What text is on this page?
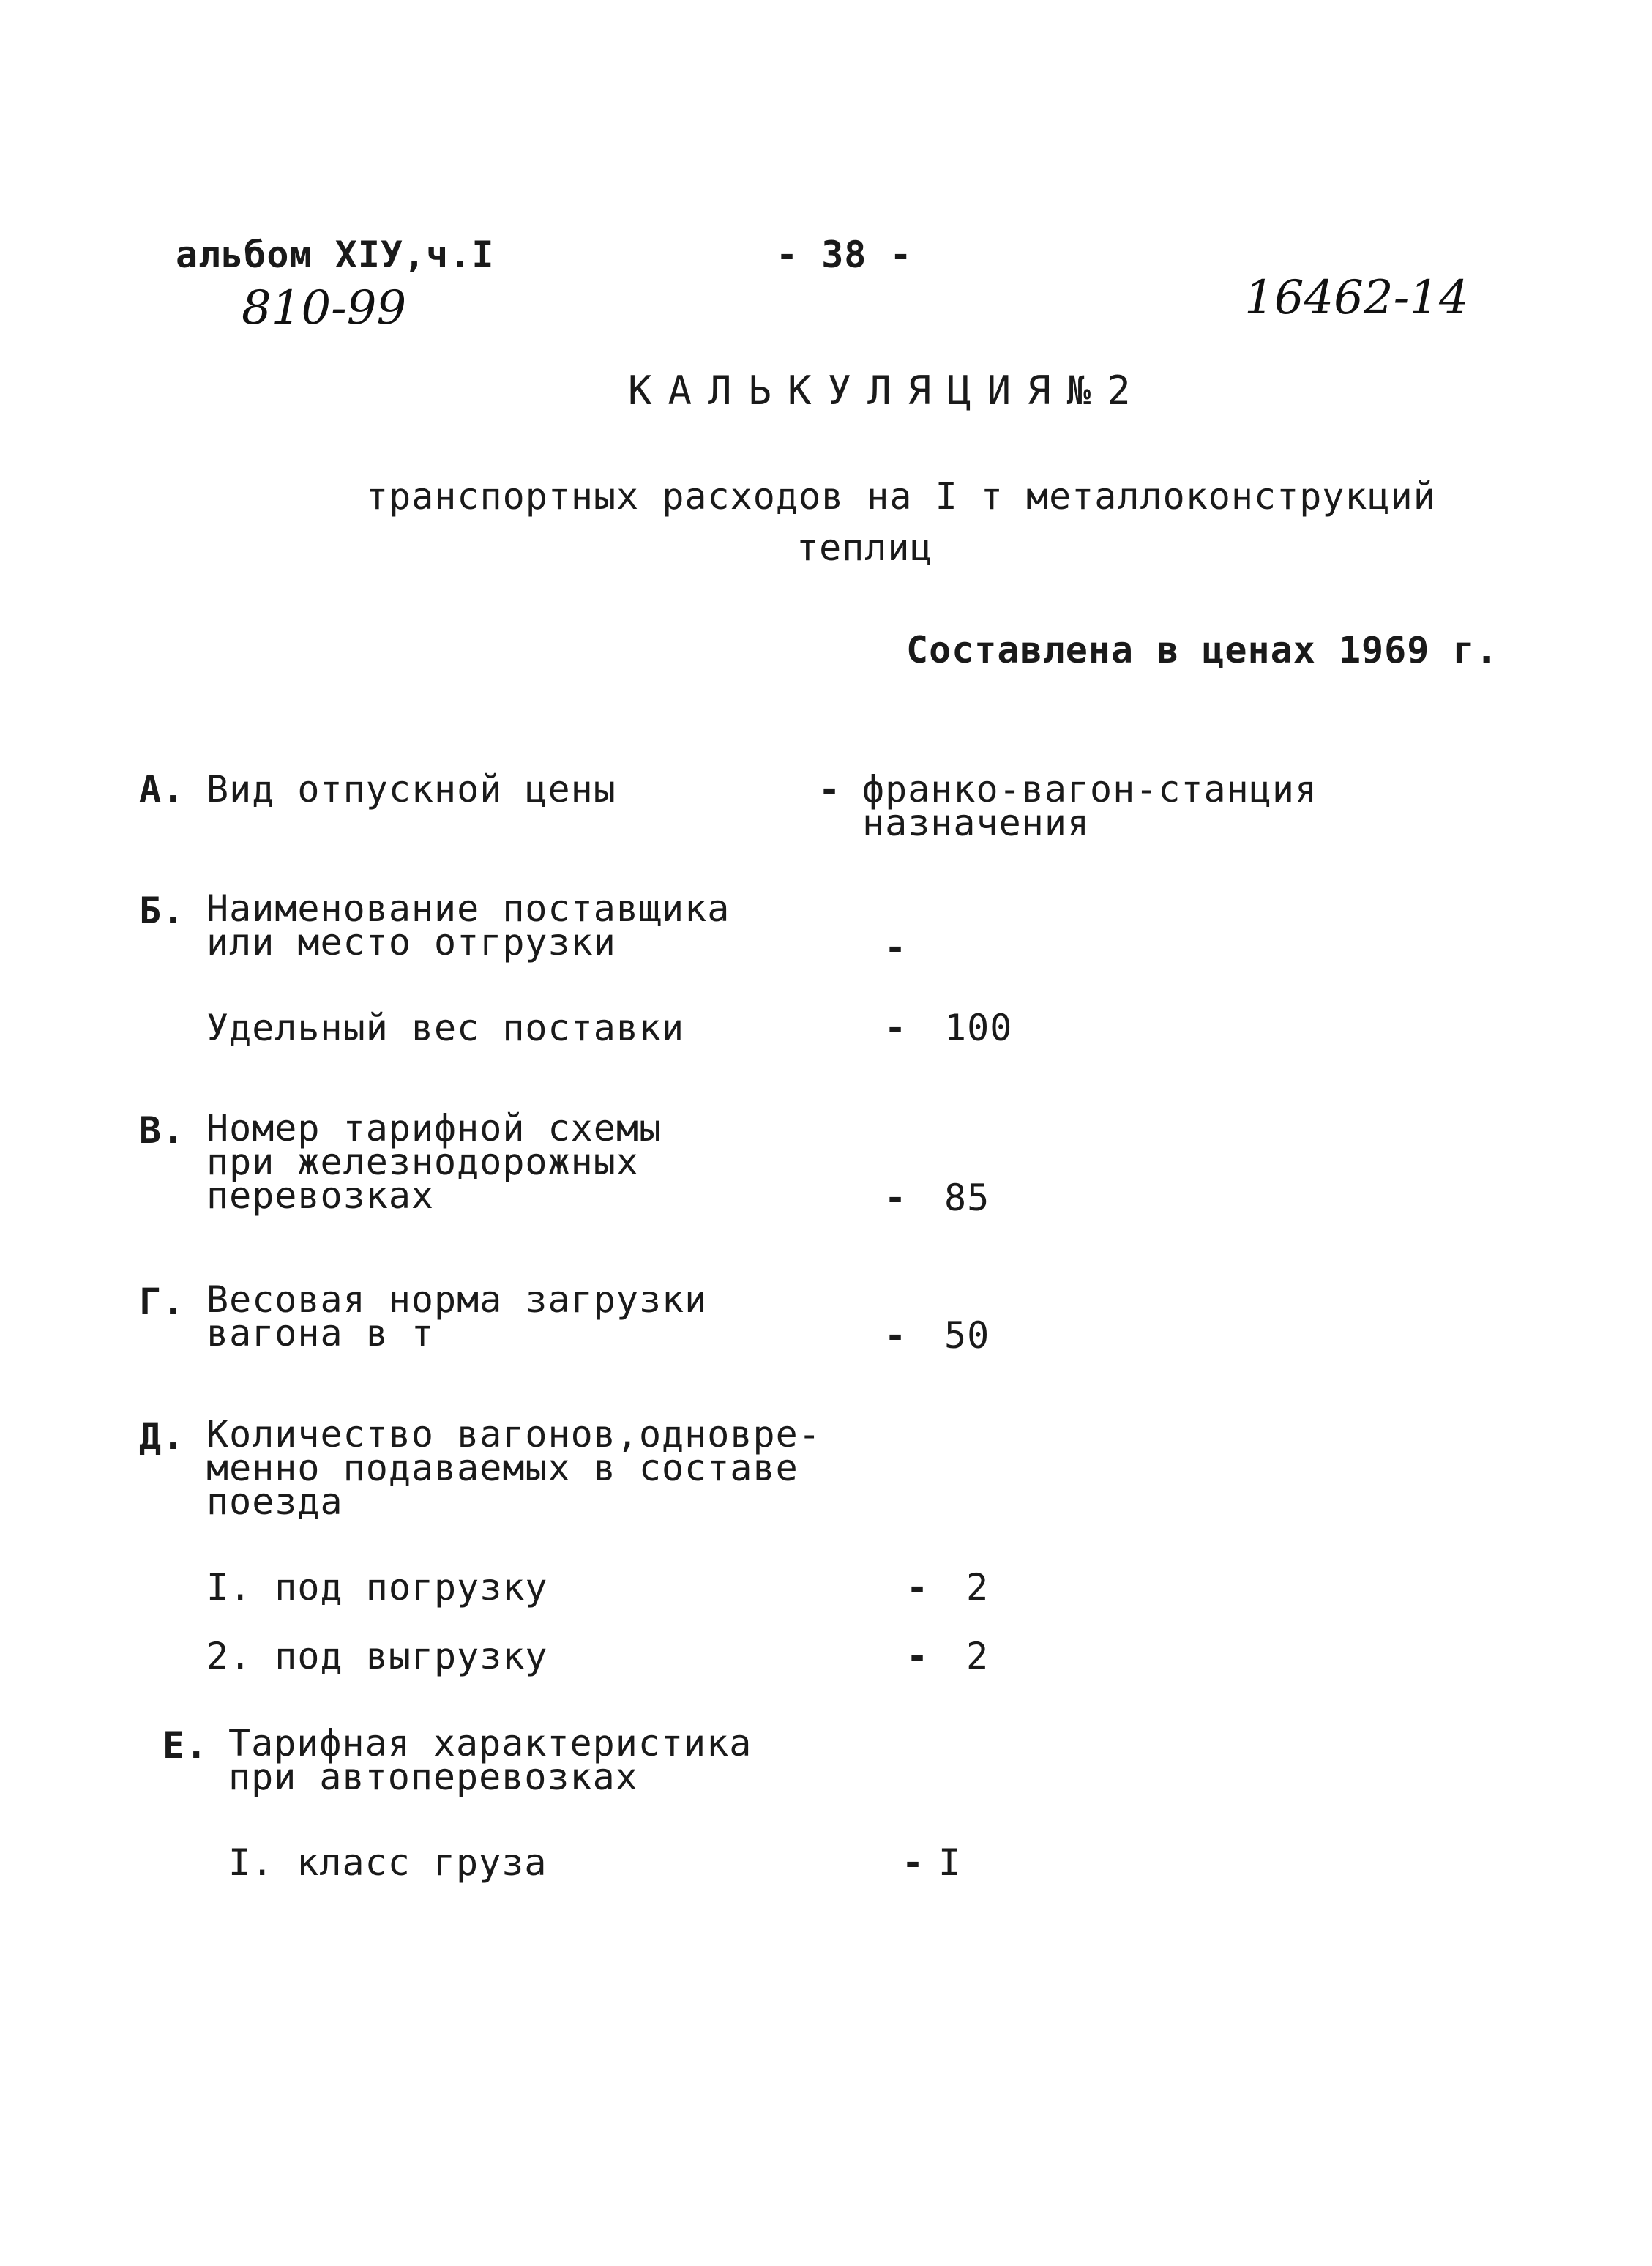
альбом XIУ,ч.I	- 38 -
810-99	16462-14
КАЛЬКУЛЯЦИЯ№2
транспортных расходов на I т металлоконструкций
теплиц
Составлена в ценах 1969 г.
А. Вид отпускной цены	- франко-вагон-станция
назначения
Б. Наименование поставщика
или место отгрузки	-
Удельный вес поставки	- 100
В. Номер тарифной схемы
при железнодорожных
перевозках	- 85
Г. Весовая норма загрузки
вагона в т	- 50
Д. Количество вагонов,одновре-
менно подаваемых в составе
поезда
I. под погрузку	- 2
2. под выгрузку	- 2
Е. Тарифная характеристика
при автоперевозках
I. класс груза	- I
